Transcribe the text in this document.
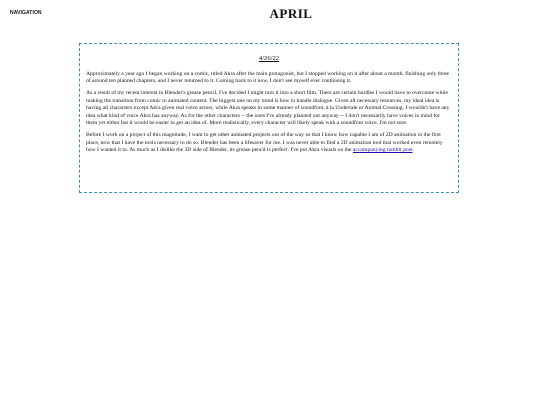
NAVIGATION	APRIL
4/26/22

Approximately a year ago I began working on a comic, titled Akra after the main protagonist, but I stopped working on it after about a month, finishing only three of around ten planned chapters, and I never returned to it. Coming back to it now, I don't see myself ever continuing it.

As a result of my recent interest in Blender's grease pencil, I've decided I might turn it into a short film. There are certain hurdles I would have to overcome while making the transition from comic to animated content. The biggest one on my mind is how to handle dialogue. Given all necessary resources, my ideal idea is having all characters except Akra given real voice actors, while Akra speaks in some manner of soundfont, à la Undertale or Animal Crossing. I wouldn't have any idea what kind of voice Akra has anyway. As for the other characters -- the ones I've already planned out anyway -- I don't necessarily have voices in mind for them yet either but it would be easier to get an idea of. More realistically, every character will likely speak with a soundfont voice. I'm not sure.

Before I work on a project of this magnitude, I want to get other animated projects out of the way so that I know how capable I am of 2D animation in the first place, now that I have the tools necessary to do so. Blender has been a lifesaver for me. I was never able to find a 2D animation tool that worked even remotely how I wanted it to. As much as I dislike the 3D side of Blender, its grease pencil is perfect. I've put Akra visuals on the accompanying tumblr post.
